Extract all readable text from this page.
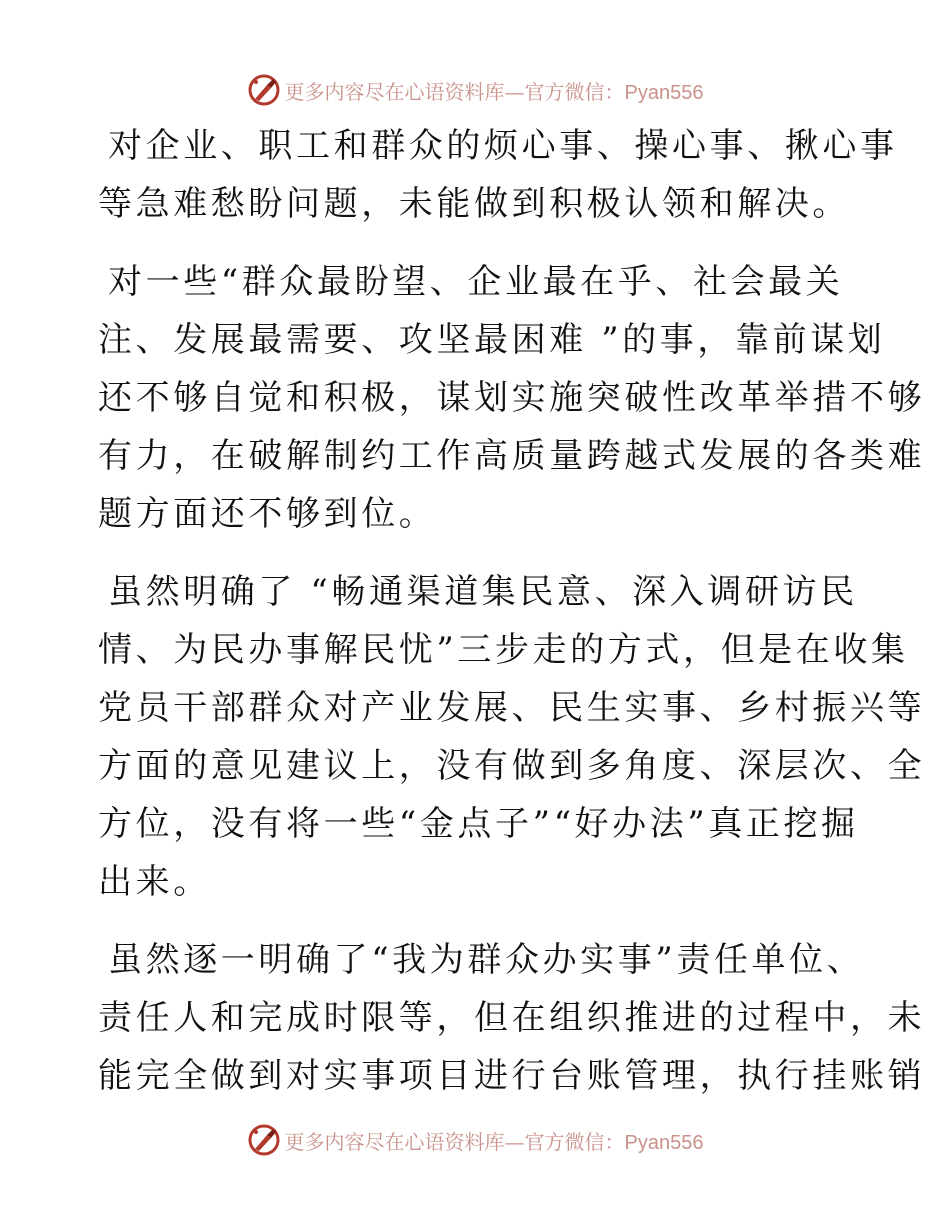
更多内容尽在心语资料库—官方微信：Pyan556
对企业、职工和群众的烦心事、操心事、揪心事
等急难愁盼问题，未能做到积极认领和解决。
对一些“群众最盼望、企业最在乎、社会最关
注、发展最需要、攻坚最困难 ”的事，靠前谋划
还不够自觉和积极，谋划实施突破性改革举措不够
有力，在破解制约工作高质量跨越式发展的各类难
题方面还不够到位。
虽然明确了 “畅通渠道集民意、深入调研访民
情、为民办事解民忧”三步走的方式，但是在收集
党员干部群众对产业发展、民生实事、乡村振兴等
方面的意见建议上，没有做到多角度、深层次、全
方位，没有将一些“金点子”“好办法”真正挖掘
出来。
虽然逐一明确了“我为群众办实事”责任单位、
责任人和完成时限等，但在组织推进的过程中，未
能完全做到对实事项目进行台账管理，执行挂账销
更多内容尽在心语资料库—官方微信：Pyan556
